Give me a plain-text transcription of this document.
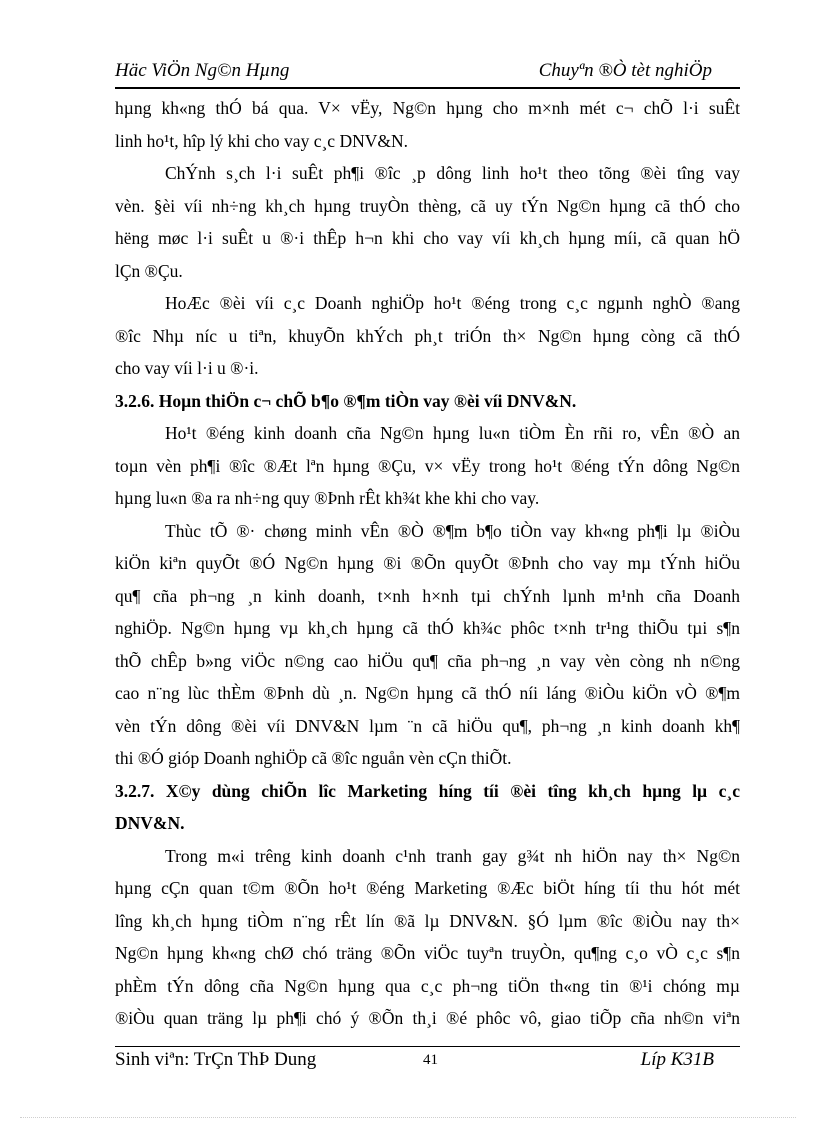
Häc ViÖn Ng©n Hµng	Chuyªn ®Ò tèt nghiÖp
hµng kh«ng thÓ bá qua. V× vËy, Ng©n hµng cho m×nh mét c¬ chÕ l·i suÊt
linh ho¹t, hîp lý khi cho vay c¸c DNV&N.
ChÝnh s¸ch l·i suÊt ph¶i ®îc ¸p dông linh ho¹t theo tõng ®èi tîng vay
vèn. §èi víi nh÷ng kh¸ch hµng truyÒn thèng, cã uy tÝn Ng©n hµng cã thÓ cho
hëng møc l·i suÊt u ®·i thÊp h¬n khi cho vay víi kh¸ch hµng míi, cã quan hÖ
lÇn ®Çu.
HoÆc ®èi víi c¸c Doanh nghiÖp ho¹t ®éng trong c¸c ngµnh nghÒ ®ang
®îc Nhµ níc u tiªn, khuyÕn khÝch ph¸t triÓn th× Ng©n hµng còng cã thÓ
cho vay víi l·i u ®·i.
3.2.6. Hoµn thiÖn c¬ chÕ b¶o ®¶m tiÒn vay ®èi víi DNV&N.
Ho¹t ®éng kinh doanh cña Ng©n hµng lu«n tiÒm Èn rñi ro, vÊn ®Ò an
toµn vèn ph¶i ®îc ®Æt lªn hµng ®Çu, v× vËy trong ho¹t ®éng tÝn dông Ng©n
hµng lu«n ®a ra nh÷ng quy ®Þnh rÊt kh¾t khe khi cho vay.
Thùc tÕ ®· chøng minh vÊn ®Ò ®¶m b¶o tiÒn vay kh«ng ph¶i lµ ®iÒu
kiÖn kiªn quyÕt ®Ó Ng©n hµng ®i ®Õn quyÕt ®Þnh cho vay mµ tÝnh hiÖu
qu¶ cña ph¬ng ¸n kinh doanh, t×nh h×nh tµi chÝnh lµnh m¹nh cña Doanh
nghiÖp. Ng©n hµng vµ kh¸ch hµng cã thÓ kh¾c phôc t×nh tr¹ng thiÕu tµi s¶n
thÕ chÊp b»ng viÖc n©ng cao hiÖu qu¶ cña ph¬ng ¸n vay vèn còng nh n©ng
cao n¨ng lùc thÈm ®Þnh dù ¸n. Ng©n hµng cã thÓ níi láng ®iÒu kiÖn vÒ ®¶m
vèn tÝn dông ®èi víi DNV&N lµm ¨n cã hiÖu qu¶, ph¬ng ¸n kinh doanh kh¶
thi ®Ó gióp Doanh nghiÖp cã ®îc nguån vèn cÇn thiÕt.
3.2.7. X©y dùng chiÕn lîc Marketing híng tíi ®èi tîng kh¸ch hµng lµ c¸c
DNV&N.
Trong m«i trêng kinh doanh c¹nh tranh gay g¾t nh hiÖn nay th× Ng©n
hµng cÇn quan t©m ®Õn ho¹t ®éng Marketing ®Æc biÖt híng tíi thu hót mét
lîng kh¸ch hµng tiÒm n¨ng rÊt lín ®ã lµ DNV&N. §Ó lµm ®îc ®iÒu nay th×
Ng©n hµng kh«ng chØ chó träng ®Õn viÖc tuyªn truyÒn, qu¶ng c¸o vÒ c¸c s¶n
phÈm tÝn dông cña Ng©n hµng qua c¸c ph¬ng tiÖn th«ng tin ®¹i chóng mµ
®iÒu quan träng lµ ph¶i chó ý ®Õn th¸i ®é phôc vô, giao tiÕp cña nh©n viªn
Sinh viªn: TrÇn ThÞ Dung	41	Líp K31B
